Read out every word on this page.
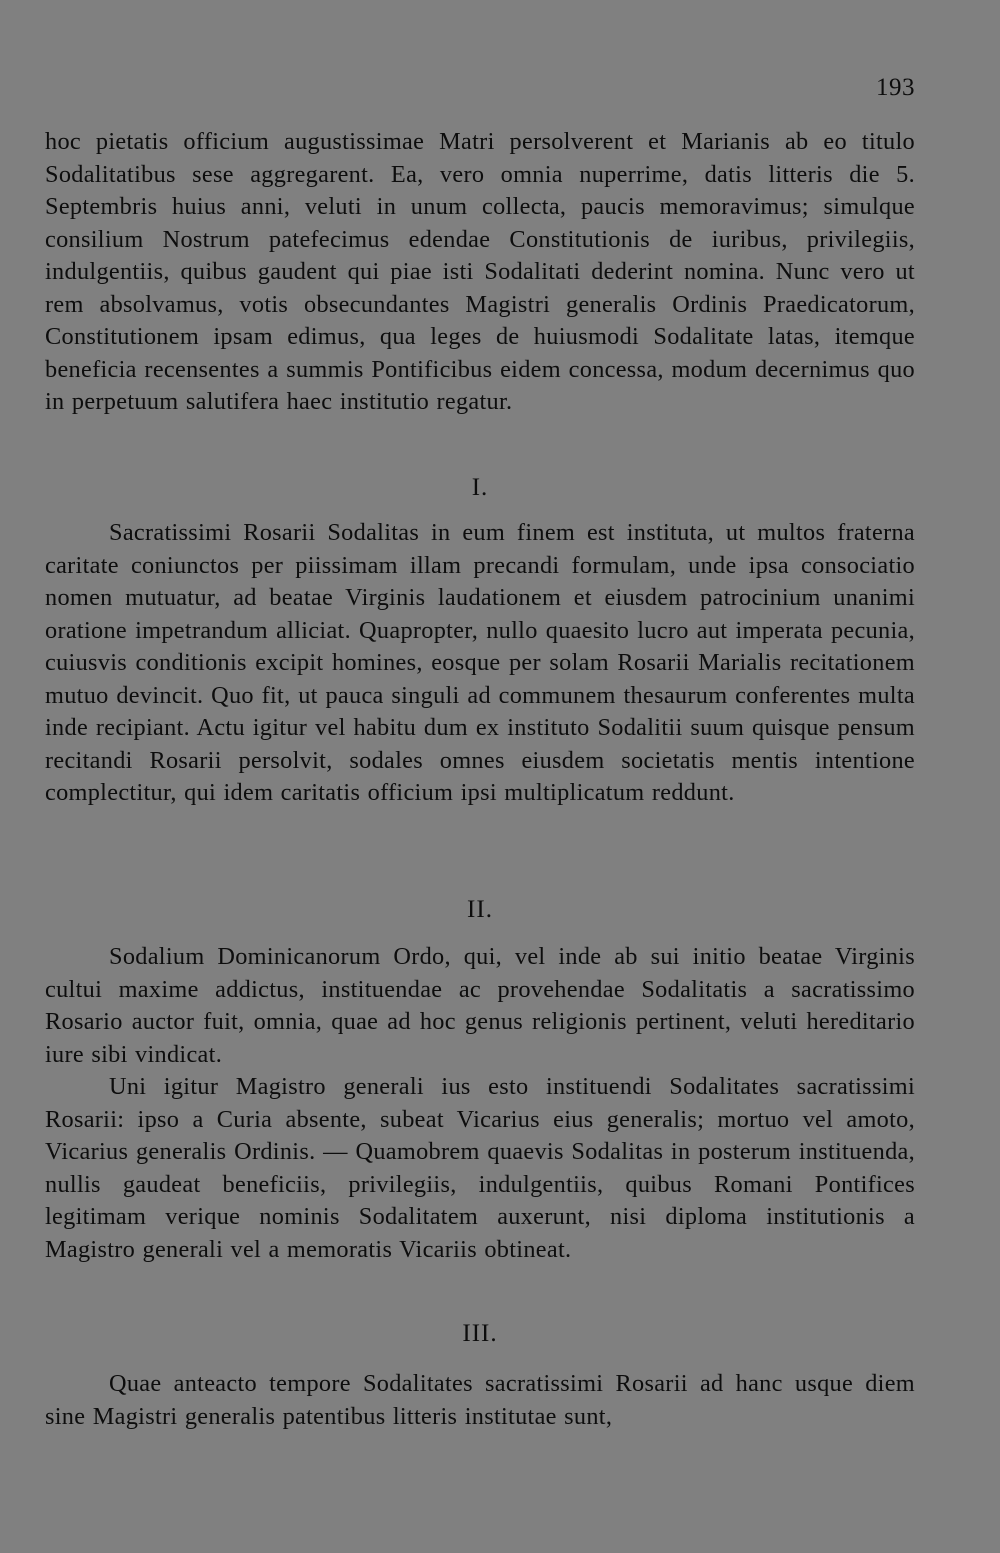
193

hoc pietatis officium augustissimae Matri persolverent et Marianis ab eo titulo Sodalitatibus sese aggregarent. Ea, vero omnia nuperrime, datis litteris die 5. Septembris huius anni, veluti in unum collecta, paucis memoravimus; simulque consilium Nostrum patefecimus edendae Constitutionis de iuribus, privilegiis, indulgentiis, quibus gaudent qui piae isti Sodalitati dederint nomina. Nunc vero ut rem absolvamus, votis obsecundantes Magistri generalis Ordinis Praedicatorum, Constitutionem ipsam edimus, qua leges de huiusmodi Sodalitate latas, itemque beneficia recensentes a summis Pontificibus eidem concessa, modum decernimus quo in perpetuum salutifera haec institutio regatur.

I.

Sacratissimi Rosarii Sodalitas in eum finem est instituta, ut multos fraterna caritate coniunctos per piissimam illam precandi formulam, unde ipsa consociatio nomen mutuatur, ad beatae Virginis laudationem et eiusdem patrocinium unanimi oratione impetrandum alliciat. Quapropter, nullo quaesito lucro aut imperata pecunia, cuiusvis conditionis excipit homines, eosque per solam Rosarii Marialis recitationem mutuo devincit. Quo fit, ut pauca singuli ad communem thesaurum conferentes multa inde recipiant. Actu igitur vel habitu dum ex instituto Sodalitii suum quisque pensum recitandi Rosarii persolvit, sodales omnes eiusdem societatis mentis intentione complectitur, qui idem caritatis officium ipsi multiplicatum reddunt.

II.

Sodalium Dominicanorum Ordo, qui, vel inde ab sui initio beatae Virginis cultui maxime addictus, instituendae ac provehendae Sodalitatis a sacratissimo Rosario auctor fuit, omnia, quae ad hoc genus religionis pertinent, veluti hereditario iure sibi vindicat.

Uni igitur Magistro generali ius esto instituendi Sodalitates sacratissimi Rosarii: ipso a Curia absente, subeat Vicarius eius generalis; mortuo vel amoto, Vicarius generalis Ordinis. — Quamobrem quaevis Sodalitas in posterum instituenda, nullis gaudeat beneficiis, privilegiis, indulgentiis, quibus Romani Pontifices legitimam verique nominis Sodalitatem auxerunt, nisi diploma institutionis a Magistro generali vel a memoratis Vicariis obtineat.

III.

Quae anteacto tempore Sodalitates sacratissimi Rosarii ad hanc usque diem sine Magistri generalis patentibus litteris institutae sunt,
